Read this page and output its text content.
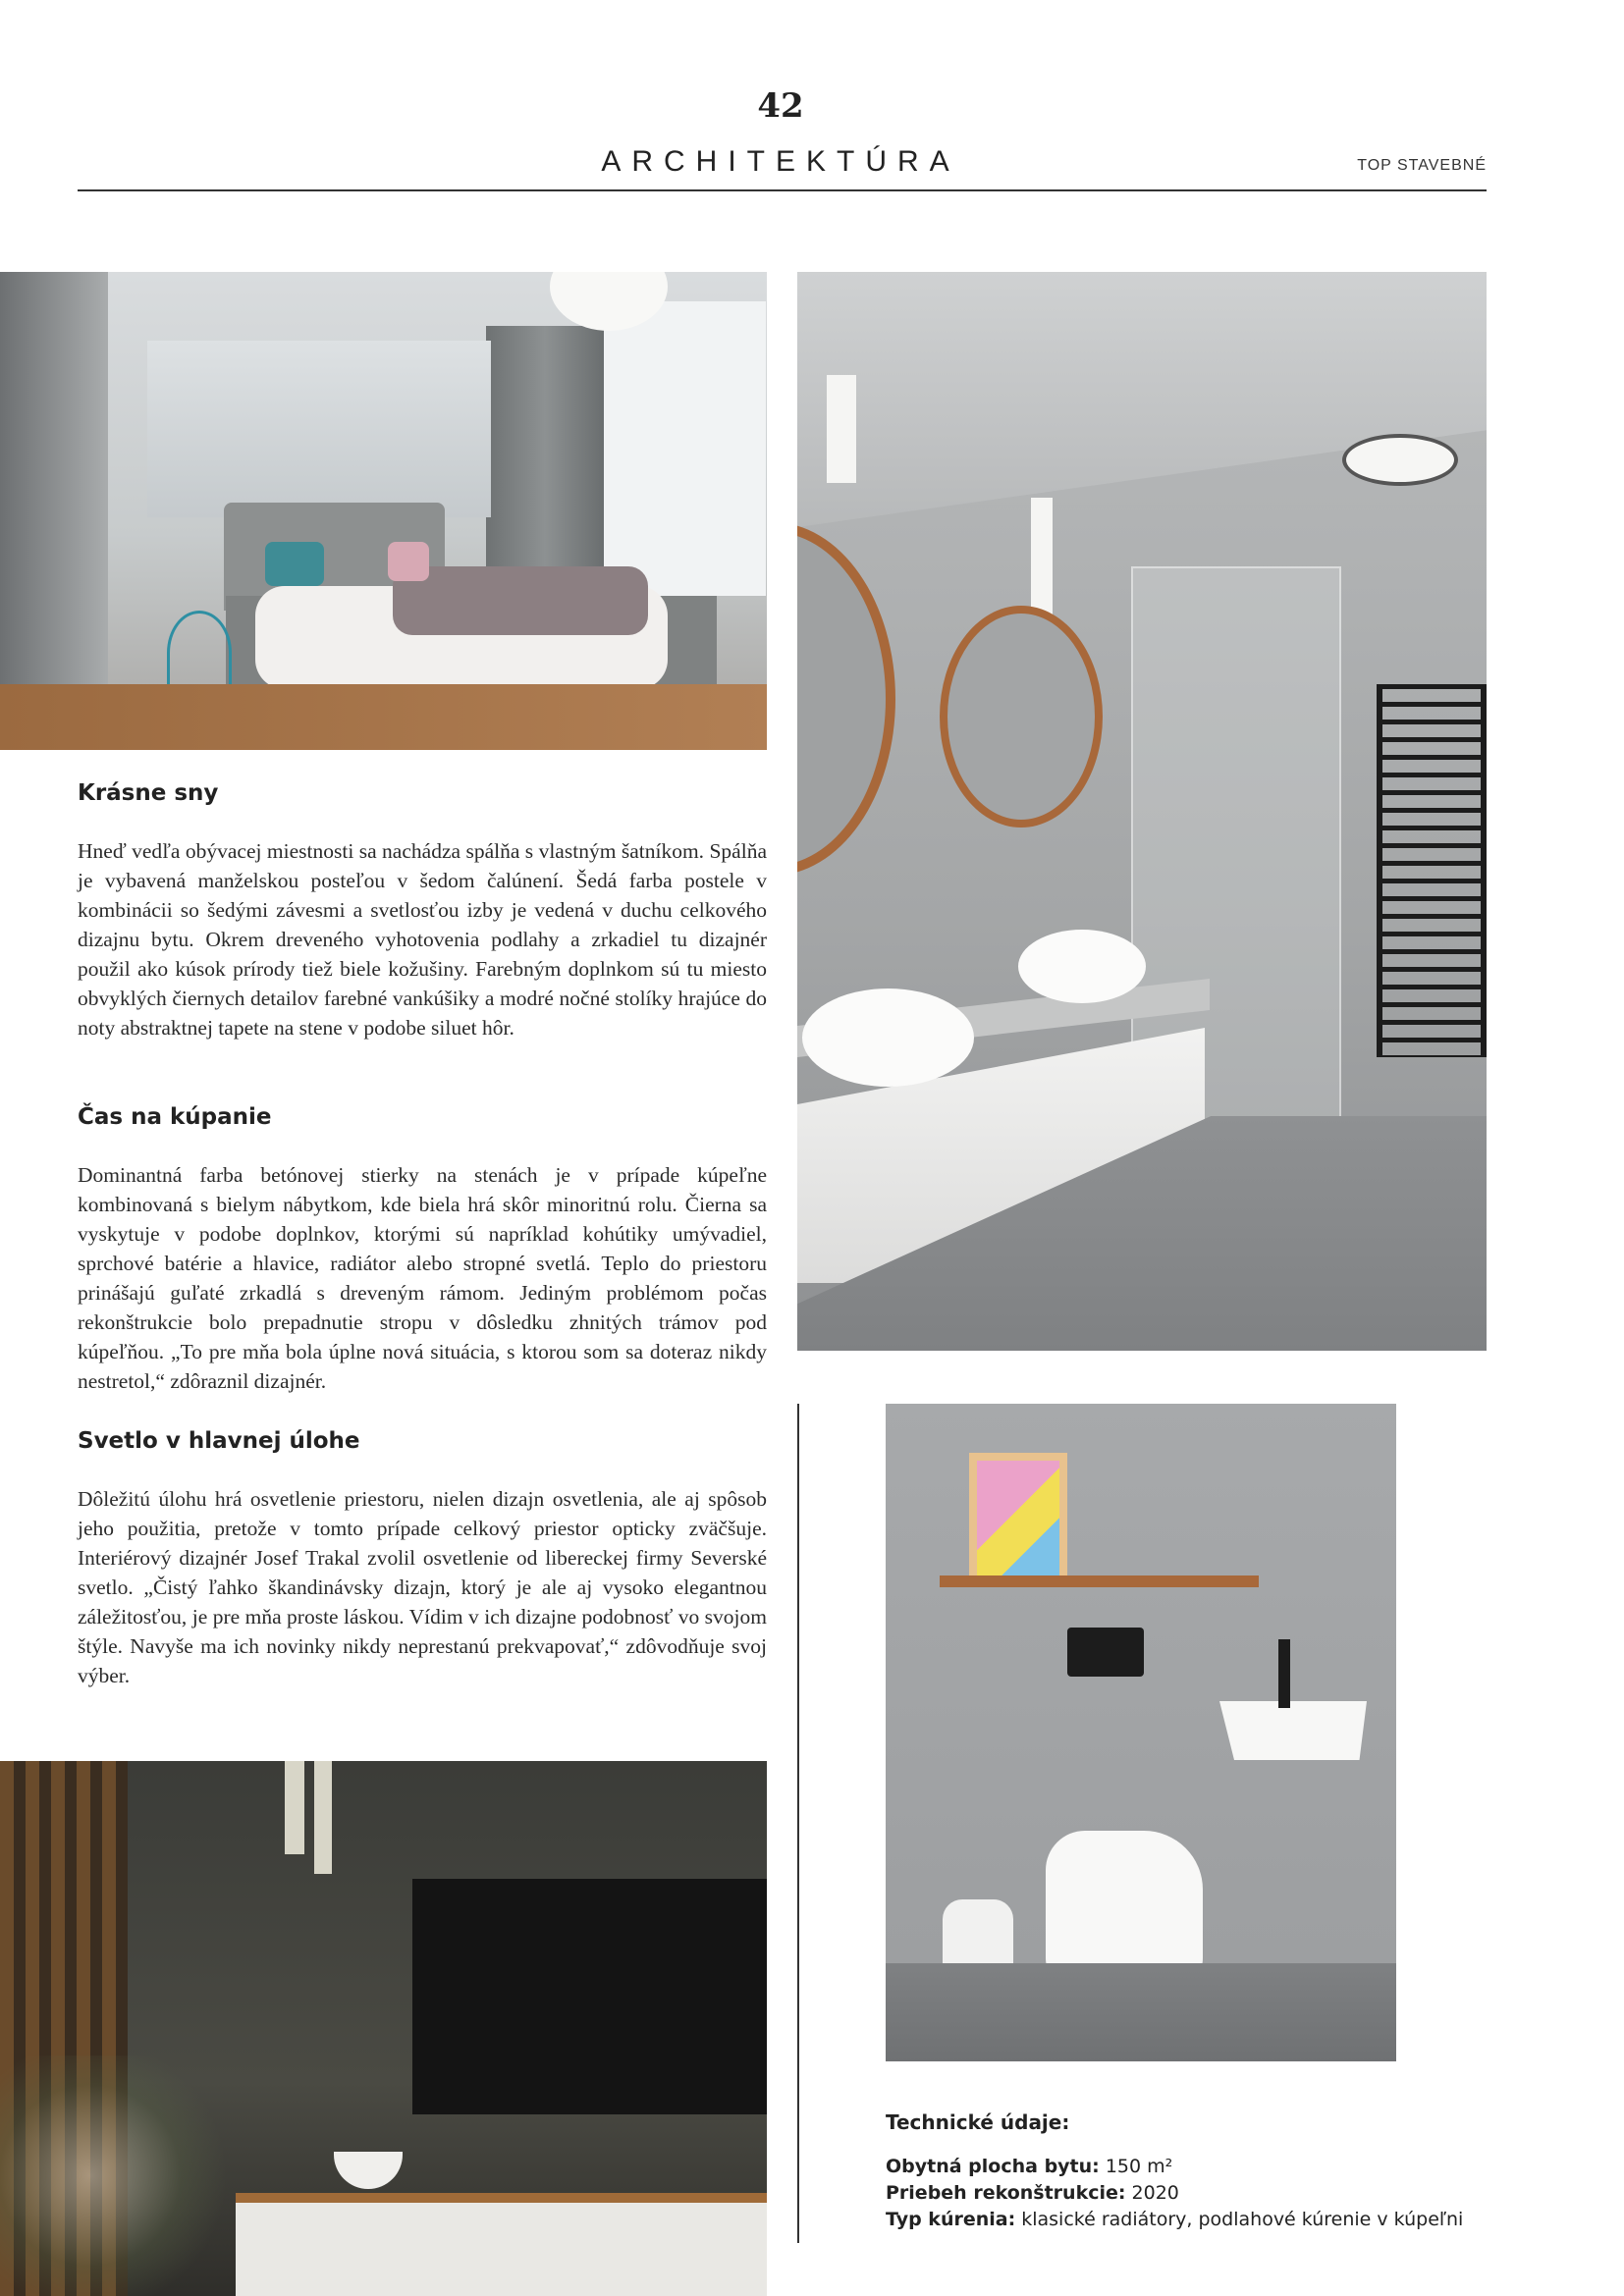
42
ARCHITEKTÚRA	TOP STAVEBNÉ
Krásne sny

Hneď vedľa obývacej miestnosti sa nachádza spálňa s vlastným šatníkom. Spálňa je vybavená manželskou posteľou v šedom čalúnení. Šedá farba postele v kombinácii so šedými závesmi a svetlosťou izby je vedená v duchu celkového dizajnu bytu. Okrem dreveného vyhotovenia podlahy a zrkadiel tu dizajnér použil ako kúsok prírody tiež biele kožušiny. Farebným doplnkom sú tu miesto obvyklých čiernych detailov farebné vankúšiky a modré nočné stolíky hrajúce do noty abstraktnej tapete na stene v podobe siluet hôr.

Čas na kúpanie

Dominantná farba betónovej stierky na stenách je v prípade kúpeľne kombinovaná s bielym nábytkom, kde biela hrá skôr minoritnú rolu. Čierna sa vyskytuje v podobe doplnkov, ktorými sú napríklad kohútiky umývadiel, sprchové batérie a hlavice, radiátor alebo stropné svetlá. Teplo do priestoru prinášajú guľaté zrkadlá s dreveným rámom. Jediným problémom počas rekonštrukcie bolo prepadnutie stropu v dôsledku zhnitých trámov pod kúpeľňou. „To pre mňa bola úplne nová situácia, s ktorou som sa doteraz nikdy nestretol,“ zdôraznil dizajnér.

Svetlo v hlavnej úlohe

Dôležitú úlohu hrá osvetlenie priestoru, nielen dizajn osvetlenia, ale aj spôsob jeho použitia, pretože v tomto prípade celkový priestor opticky zväčšuje. Interiérový dizajnér Josef Trakal zvolil osvetlenie od libereckej firmy Severské svetlo. „Čistý ľahko škandinávsky dizajn, ktorý je ale aj vysoko elegantnou záležitosťou, je pre mňa proste láskou. Vídim v ich dizajne podobnosť vo svojom štýle. Navyše ma ich novinky nikdy neprestanú prekvapovať,“ zdôvodňuje svoj výber.

Technické údaje:
Obytná plocha bytu: 150 m²
Priebeh rekonštrukcie: 2020
Typ kúrenia: klasické radiátory, podlahové kúrenie v kúpeľni
